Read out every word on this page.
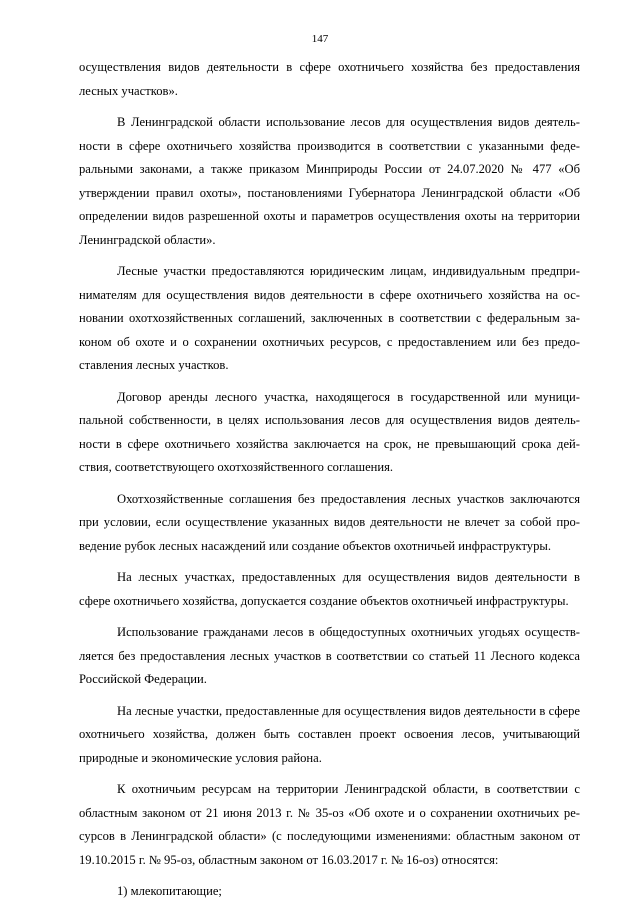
147

осуществления видов деятельности в сфере охотничьего хозяйства без предоставления лесных участков».

В Ленинградской области использование лесов для осуществления видов деятельности в сфере охотничьего хозяйства производится в соответствии с указанными федеральными законами, а также приказом Минприроды России от 24.07.2020 № 477 «Об утверждении правил охоты», постановлениями Губернатора Ленинградской области «Об определении видов разрешенной охоты и параметров осуществления охоты на территории Ленинградской области».

Лесные участки предоставляются юридическим лицам, индивидуальным предпринимателям для осуществления видов деятельности в сфере охотничьего хозяйства на основании охотхозяйственных соглашений, заключенных в соответствии с федеральным законом об охоте и о сохранении охотничьих ресурсов, с предоставлением или без предоставления лесных участков.

Договор аренды лесного участка, находящегося в государственной или муниципальной собственности, в целях использования лесов для осуществления видов деятельности в сфере охотничьего хозяйства заключается на срок, не превышающий срока действия, соответствующего охотхозяйственного соглашения.

Охотхозяйственные соглашения без предоставления лесных участков заключаются при условии, если осуществление указанных видов деятельности не влечет за собой проведение рубок лесных насаждений или создание объектов охотничьей инфраструктуры.

На лесных участках, предоставленных для осуществления видов деятельности в сфере охотничьего хозяйства, допускается создание объектов охотничьей инфраструктуры.

Использование гражданами лесов в общедоступных охотничьих угодьях осуществляется без предоставления лесных участков в соответствии со статьей 11 Лесного кодекса Российской Федерации.

На лесные участки, предоставленные для осуществления видов деятельности в сфере охотничьего хозяйства, должен быть составлен проект освоения лесов, учитывающий природные и экономические условия района.

К охотничьим ресурсам на территории Ленинградской области, в соответствии с областным законом от 21 июня 2013 г. № 35-оз «Об охоте и о сохранении охотничьих ресурсов в Ленинградской области» (с последующими изменениями: областным законом от 19.10.2015 г. № 95-оз, областным законом от 16.03.2017 г. № 16-оз) относятся:

1) млекопитающие;
